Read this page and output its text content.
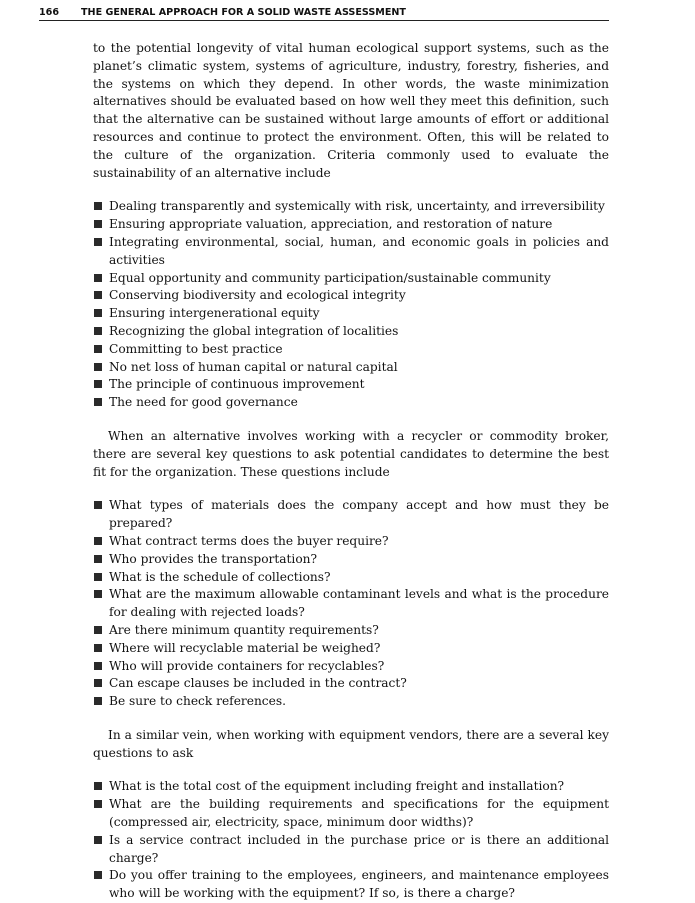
166 THE GENERAL APPROACH FOR A SOLID WASTE ASSESSMENT

to the potential longevity of vital human ecological support systems, such as the planet’s climatic system, systems of agriculture, industry, forestry, fisheries, and the systems on which they depend. In other words, the waste minimization alternatives should be evaluated based on how well they meet this definition, such that the alternative can be sustained without large amounts of effort or additional resources and continue to protect the environment. Often, this will be related to the culture of the organization. Criteria commonly used to evaluate the sustainability of an alternative include

Dealing transparently and systemically with risk, uncertainty, and irreversibility
Ensuring appropriate valuation, appreciation, and restoration of nature
Integrating environmental, social, human, and economic goals in policies and activities
Equal opportunity and community participation/sustainable community
Conserving biodiversity and ecological integrity
Ensuring intergenerational equity
Recognizing the global integration of localities
Committing to best practice
No net loss of human capital or natural capital
The principle of continuous improvement
The need for good governance

When an alternative involves working with a recycler or commodity broker, there are several key questions to ask potential candidates to determine the best fit for the organization. These questions include

What types of materials does the company accept and how must they be prepared?
What contract terms does the buyer require?
Who provides the transportation?
What is the schedule of collections?
What are the maximum allowable contaminant levels and what is the procedure for dealing with rejected loads?
Are there minimum quantity requirements?
Where will recyclable material be weighed?
Who will provide containers for recyclables?
Can escape clauses be included in the contract?
Be sure to check references.

In a similar vein, when working with equipment vendors, there are a several key questions to ask

What is the total cost of the equipment including freight and installation?
What are the building requirements and specifications for the equipment (compressed air, electricity, space, minimum door widths)?
Is a service contract included in the purchase price or is there an additional charge?
Do you offer training to the employees, engineers, and maintenance employees who will be working with the equipment? If so, is there a charge?
